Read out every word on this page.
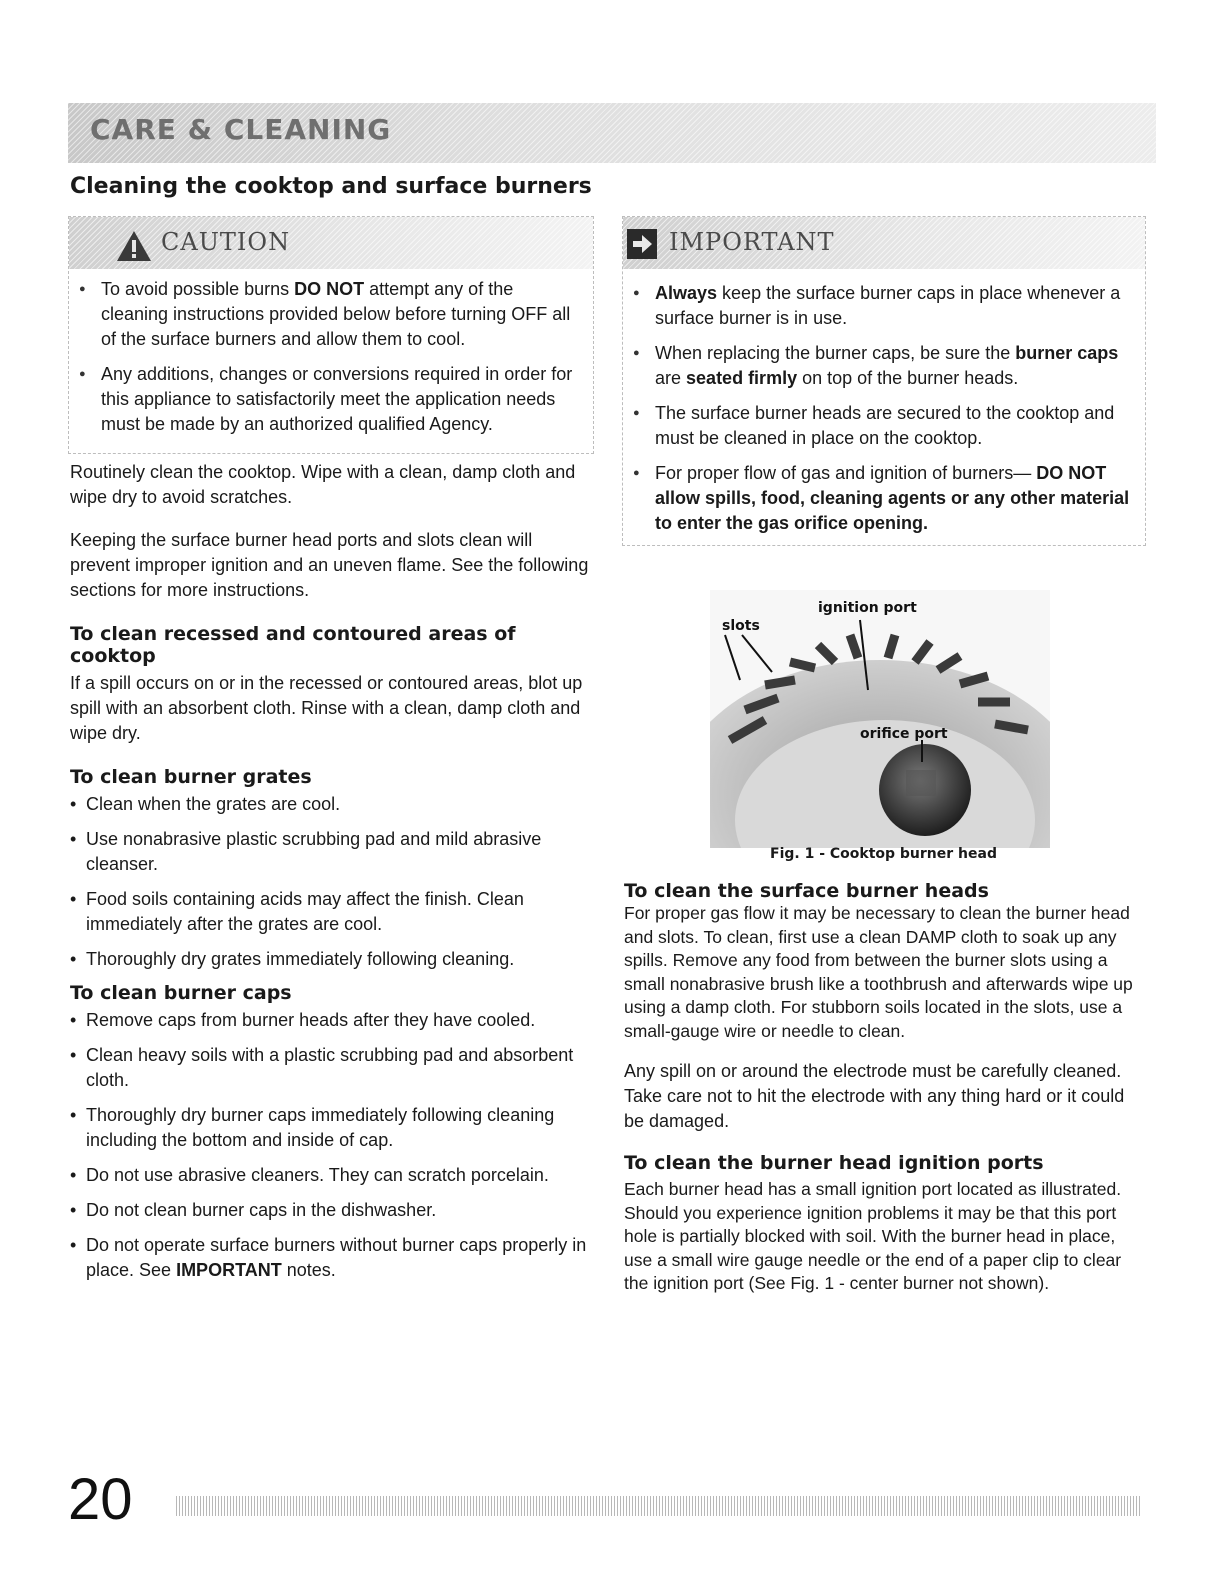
CARE & CLEANING
Cleaning the cooktop and surface burners
CAUTION
● To avoid possible burns DO NOT attempt any of the cleaning instructions provided below before turning OFF all of the surface burners and allow them to cool.
● Any additions, changes or conversions required in order for this appliance to satisfactorily meet the application needs must be made by an authorized qualified Agency.
IMPORTANT
● Always keep the surface burner caps in place whenever a surface burner is in use.
● When replacing the burner caps, be sure the burner caps are seated firmly on top of the burner heads.
● The surface burner heads are secured to the cooktop and must be cleaned in place on the cooktop.
● For proper flow of gas and ignition of burners— DO NOT allow spills, food, cleaning agents or any other material to enter the gas orifice opening.

Routinely clean the cooktop. Wipe with a clean, damp cloth and wipe dry to avoid scratches.

Keeping the surface burner head ports and slots clean will prevent improper ignition and an uneven flame. See the following sections for more instructions.

To clean recessed and contoured areas of cooktop

If a spill occurs on or in the recessed or contoured areas, blot up spill with an absorbent cloth. Rinse with a clean, damp cloth and wipe dry.

To clean burner grates

• Clean when the grates are cool.
• Use nonabrasive plastic scrubbing pad and mild abrasive cleanser.
• Food soils containing acids may affect the finish. Clean immediately after the grates are cool.
• Thoroughly dry grates immediately following cleaning.

To clean burner caps

• Remove caps from burner heads after they have cooled.
• Clean heavy soils with a plastic scrubbing pad and absorbent cloth.
• Thoroughly dry burner caps immediately following cleaning including the bottom and inside of cap.
• Do not use abrasive cleaners. They can scratch porcelain.
• Do not clean burner caps in the dishwasher.
• Do not operate surface burners without burner caps properly in place. See IMPORTANT notes.
ignition port
slots
orifice port
Fig. 1 - Cooktop burner head

To clean the surface burner heads

For proper gas flow it may be necessary to clean the burner head and slots. To clean, first use a clean DAMP cloth to soak up any spills. Remove any food from between the burner slots using a small nonabrasive brush like a toothbrush and afterwards wipe up using a damp cloth. For stubborn soils located in the slots, use a small-gauge wire or needle to clean.

Any spill on or around the electrode must be carefully cleaned. Take care not to hit the electrode with any thing hard or it could be damaged.

To clean the burner head ignition ports

Each burner head has a small ignition port located as illustrated. Should you experience ignition problems it may be that this port hole is partially blocked with soil. With the burner head in place, use a small wire gauge needle or the end of a paper clip to clear the ignition port (See Fig. 1 - center burner not shown).

20
